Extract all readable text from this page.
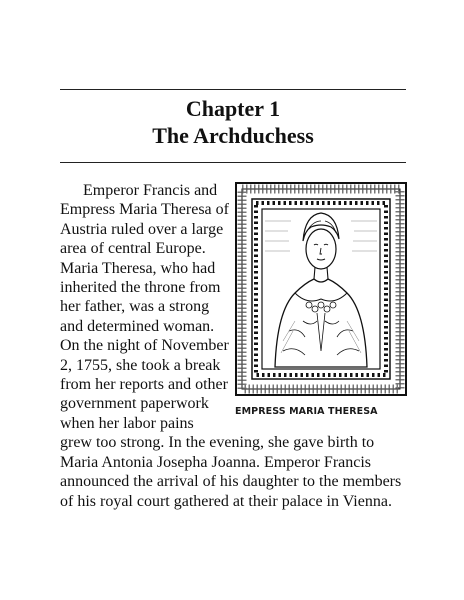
Chapter 1
The Archduchess
EMPRESS MARIA THERESA

Emperor Francis and Empress Maria Theresa of Austria ruled over a large area of central Europe. Maria Theresa, who had inherited the throne from her father, was a strong and determined woman. On the night of November 2, 1755, she took a break from her reports and other government paperwork when her labor pains grew too strong. In the evening, she gave birth to Maria Antonia Josepha Joanna. Emperor Francis announced the arrival of his daughter to the members of his royal court gathered at their palace in Vienna.
